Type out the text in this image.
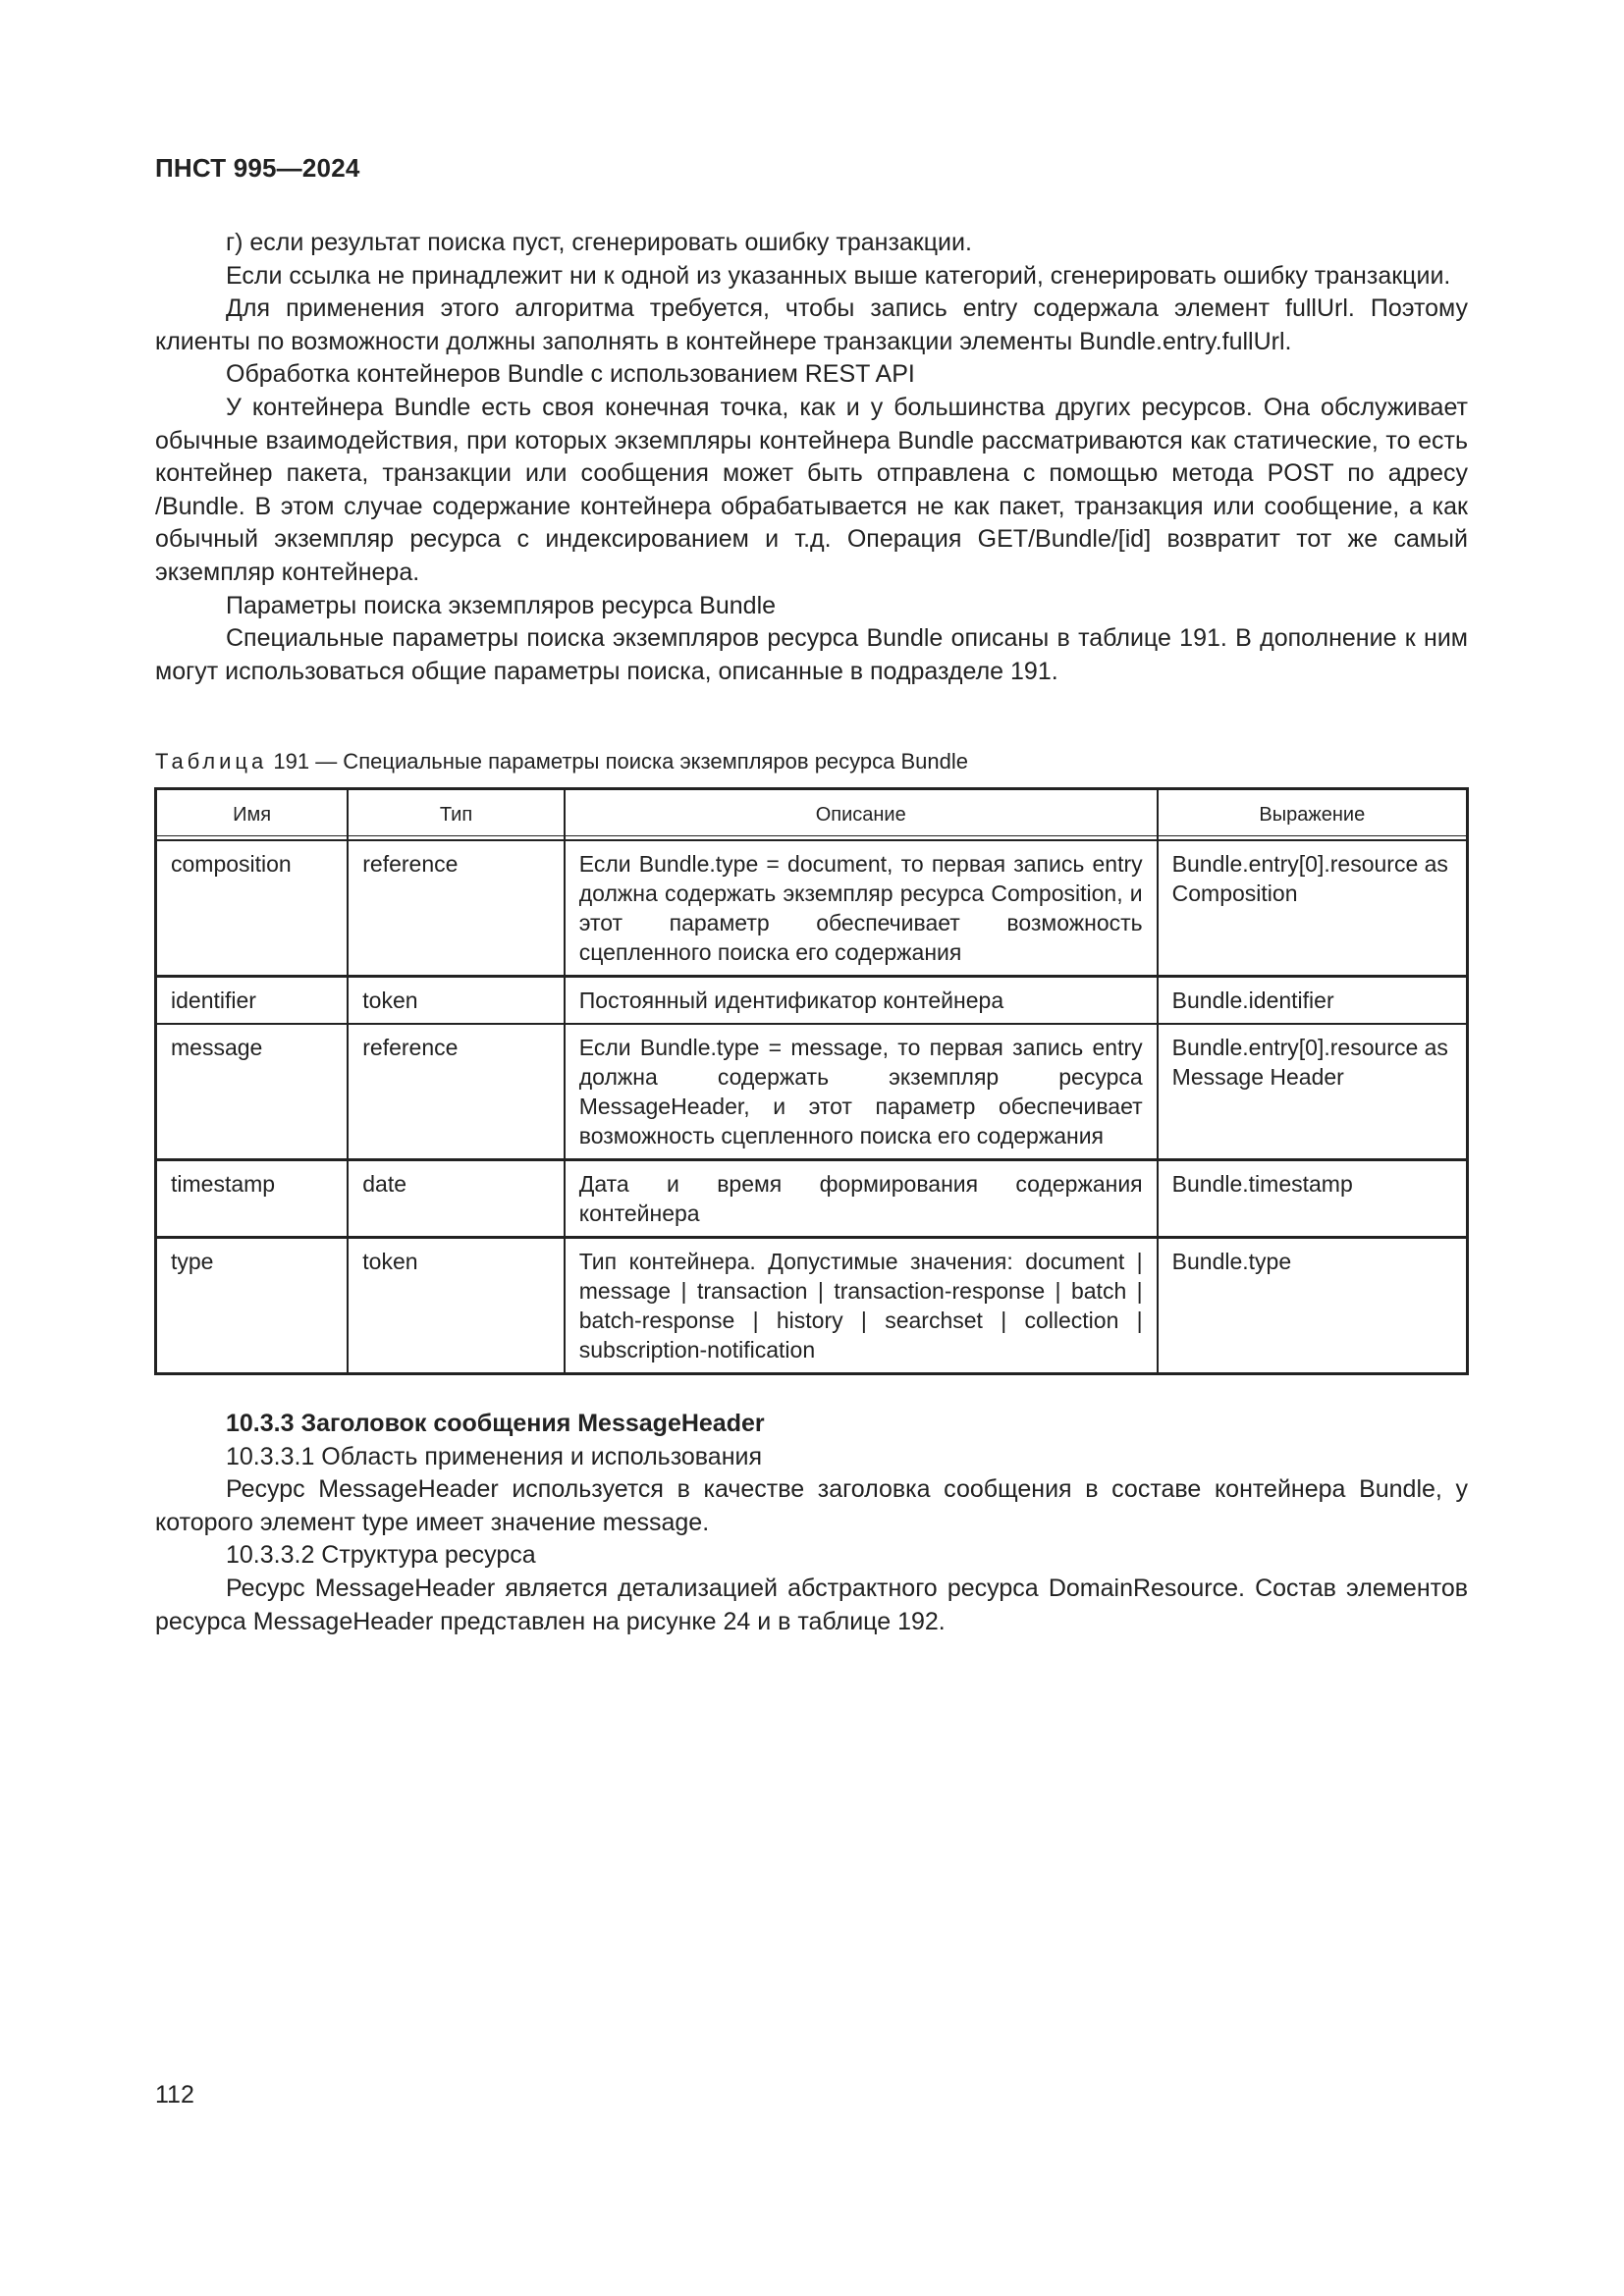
ПНСТ 995—2024

г) если результат поиска пуст, сгенерировать ошибку транзакции.

Если ссылка не принадлежит ни к одной из указанных выше категорий, сгенерировать ошибку транзакции.

Для применения этого алгоритма требуется, чтобы запись entry содержала элемент fullUrl. Поэтому клиенты по возможности должны заполнять в контейнере транзакции элементы Bundle.entry.fullUrl.

Обработка контейнеров Bundle с использованием REST API

У контейнера Bundle есть своя конечная точка, как и у большинства других ресурсов. Она обслуживает обычные взаимодействия, при которых экземпляры контейнера Bundle рассматриваются как статические, то есть контейнер пакета, транзакции или сообщения может быть отправлена с помощью метода POST по адресу /Bundle. В этом случае содержание контейнера обрабатывается не как пакет, транзакция или сообщение, а как обычный экземпляр ресурса с индексированием и т.д. Операция GET/Bundle/[id] возвратит тот же самый экземпляр контейнера.

Параметры поиска экземпляров ресурса Bundle

Специальные параметры поиска экземпляров ресурса Bundle описаны в таблице 191. В дополнение к ним могут использоваться общие параметры поиска, описанные в подразделе 191.

Таблица 191 — Специальные параметры поиска экземпляров ресурса Bundle
Имя	Тип	Описание	Выражение

composition	reference	Если Bundle.type = document, то первая запись entry должна содержать экземпляр ресурса Composition, и этот параметр обеспечивает возможность сцепленного поиска его содержания	Bundle.entry[0].resource as Composition
identifier	token	Постоянный идентификатор контейнера	Bundle.identifier
message	reference	Если Bundle.type = message, то первая запись entry должна содержать экземпляр ресурса MessageHeader, и этот параметр обеспечивает возможность сцепленного поиска его содержания	Bundle.entry[0].resource as Message Header
timestamp	date	Дата и время формирования содержания контейнера	Bundle.timestamp
type	token	Тип контейнера. Допустимые значения: document | message | transaction | transaction-response | batch | batch-response | history | searchset | collection | subscription-notification	Bundle.type

10.3.3 Заголовок сообщения MessageHeader

10.3.3.1 Область применения и использования

Ресурс MessageHeader используется в качестве заголовка сообщения в составе контейнера Bundle, у которого элемент type имеет значение message.

10.3.3.2 Структура ресурса

Ресурс MessageHeader является детализацией абстрактного ресурса DomainResource. Состав элементов ресурса MessageHeader представлен на рисунке 24 и в таблице 192.

112
